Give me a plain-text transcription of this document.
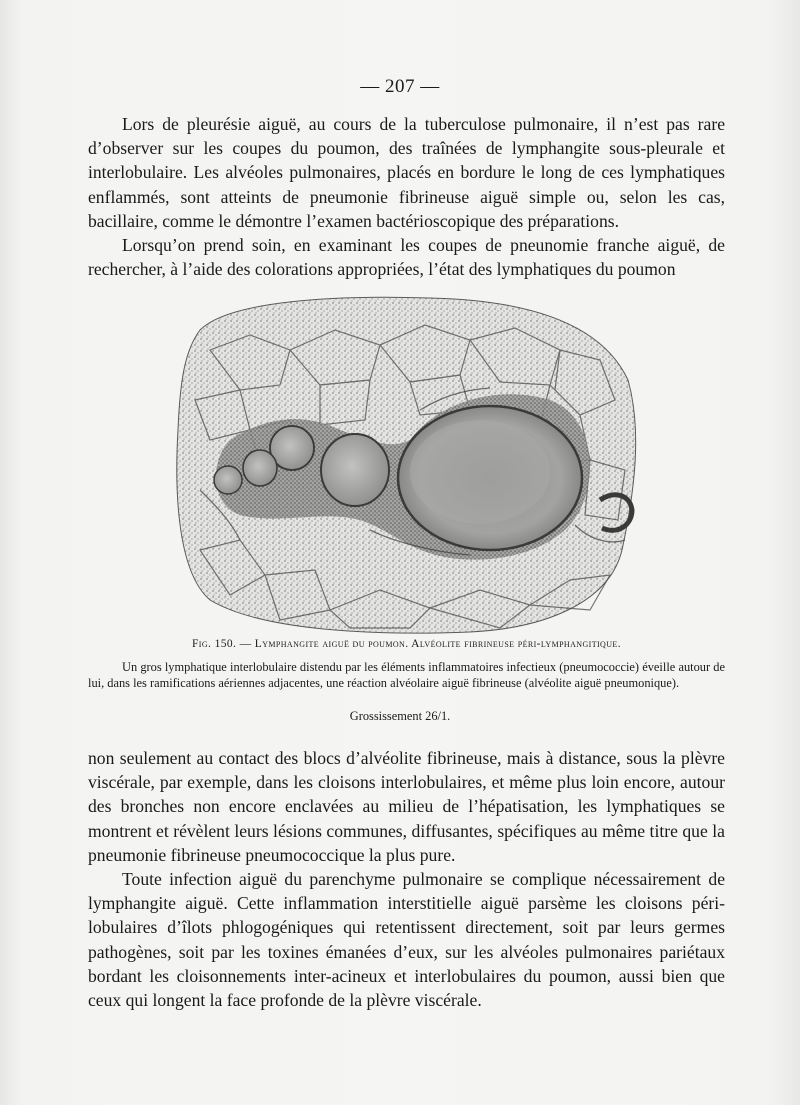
— 207 —

Lors de pleurésie aiguë, au cours de la tuberculose pulmonaire, il n’est pas rare d’observer sur les coupes du poumon, des traînées de lymphangite sous-pleurale et interlobulaire. Les alvéoles pulmonaires, placés en bordure le long de ces lymphatiques enflammés, sont atteints de pneumonie fibrineuse aiguë simple ou, selon les cas, bacillaire, comme le démontre l’examen bactérioscopique des préparations.

Lorsqu’on prend soin, en examinant les coupes de pneunomie franche aiguë, de rechercher, à l’aide des colorations appropriées, l’état des lymphatiques du poumon

Fig. 150. — Lymphangite aiguë du poumon. Alvéolite fibrineuse péri-lymphangitique.

Un gros lymphatique interlobulaire distendu par les éléments inflammatoires infectieux (pneumococcie) éveille autour de lui, dans les ramifications aériennes adjacentes, une réaction alvéolaire aiguë fibrineuse (alvéolite aiguë pneumonique).

Grossissement 26/1.

non seulement au contact des blocs d’alvéolite fibrineuse, mais à distance, sous la plèvre viscérale, par exemple, dans les cloisons interlobulaires, et même plus loin encore, autour des bronches non encore enclavées au milieu de l’hépatisation, les lymphatiques se montrent et révèlent leurs lésions communes, diffusantes, spécifiques au même titre que la pneumonie fibrineuse pneumococcique la plus pure.

Toute infection aiguë du parenchyme pulmonaire se complique nécessairement de lymphangite aiguë. Cette inflammation interstitielle aiguë parsème les cloisons péri-lobulaires d’îlots phlogogéniques qui retentissent directement, soit par leurs germes pathogènes, soit par les toxines émanées d’eux, sur les alvéoles pulmonaires pariétaux bordant les cloisonnements inter-acineux et interlobulaires du poumon, aussi bien que ceux qui longent la face profonde de la plèvre viscérale.
